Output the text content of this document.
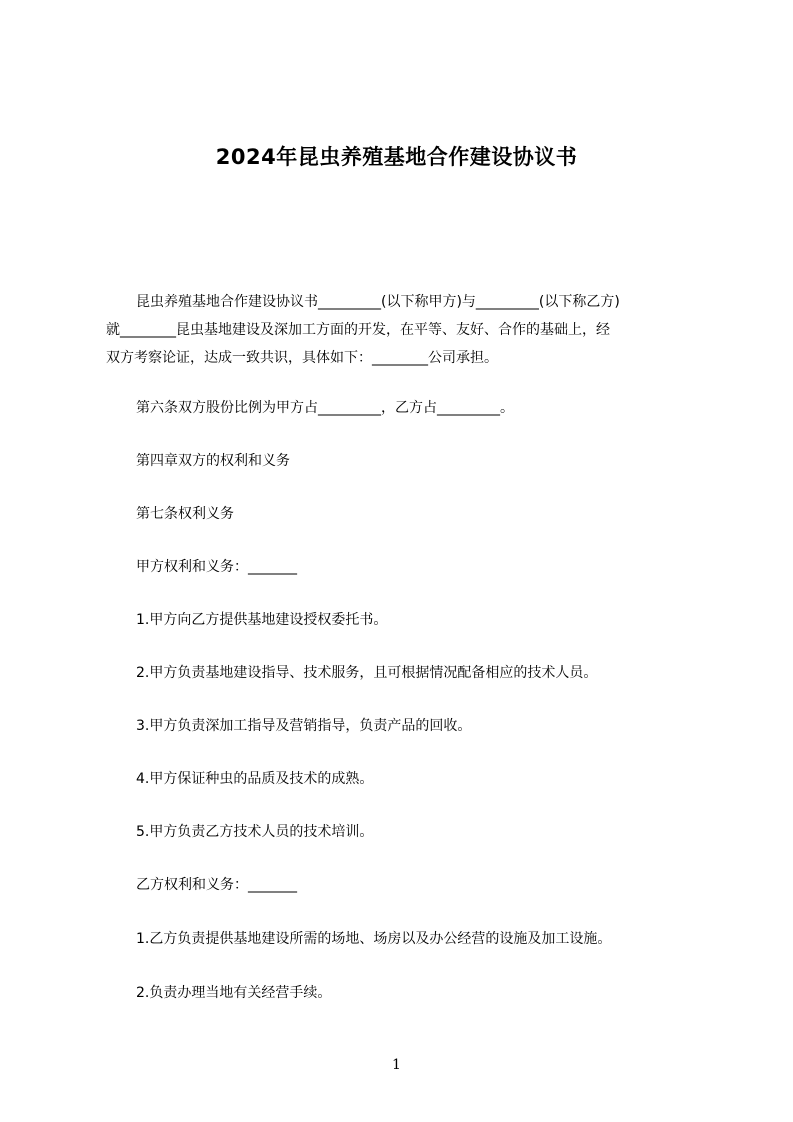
2024年昆虫养殖基地合作建设协议书
昆虫养殖基地合作建设协议书_________(以下称甲方)与_________(以下称乙方)
就________昆虫基地建设及深加工方面的开发，在平等、友好、合作的基础上，经
双方考察论证，达成一致共识，具体如下：________公司承担。
第六条双方股份比例为甲方占_________，乙方占_________。
第四章双方的权利和义务
第七条权利义务
甲方权利和义务：_______
1.甲方向乙方提供基地建设授权委托书。
2.甲方负责基地建设指导、技术服务，且可根据情况配备相应的技术人员。
3.甲方负责深加工指导及营销指导，负责产品的回收。
4.甲方保证种虫的品质及技术的成熟。
5.甲方负责乙方技术人员的技术培训。
乙方权利和义务：_______
1.乙方负责提供基地建设所需的场地、场房以及办公经营的设施及加工设施。
2.负责办理当地有关经营手续。
1
